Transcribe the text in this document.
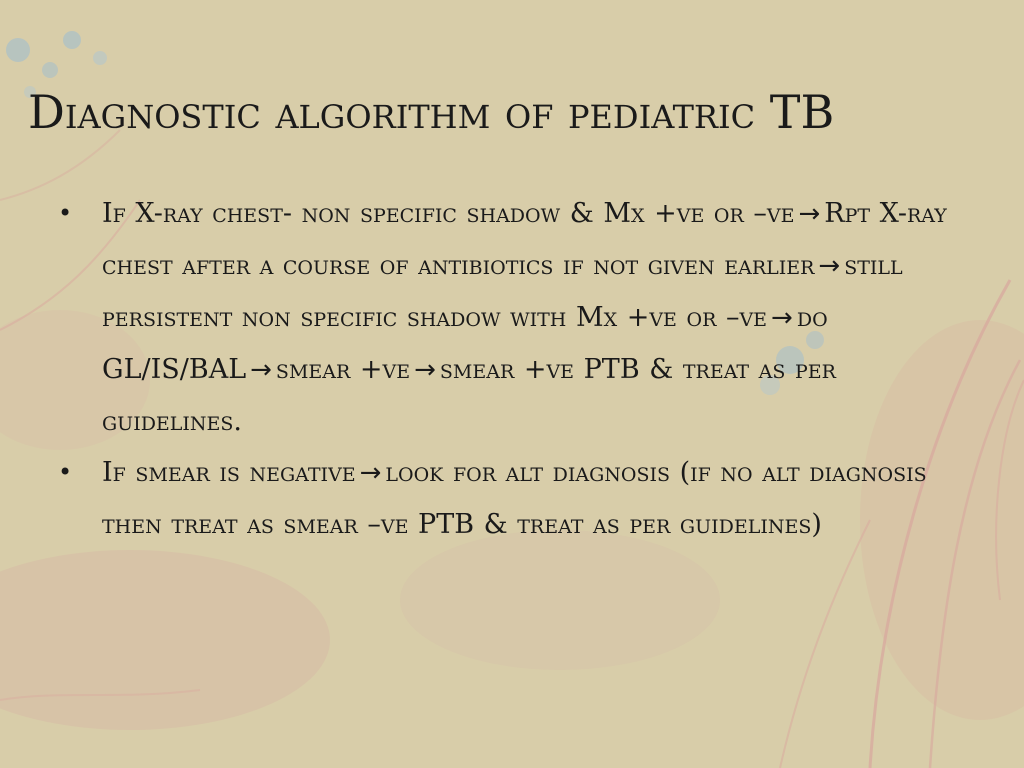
Diagnostic algorithm of pediatric TB
• If X-ray chest- non specific shadow & Mx +ve or –ve → Rpt X-ray chest after a course of antibiotics if not given earlier → still persistent non specific shadow with Mx +ve or –ve → do GL/IS/BAL → smear +ve → smear +ve PTB & treat as per guidelines.

• If smear is negative → look for alt diagnosis (if no alt diagnosis then treat as smear –ve PTB & treat as per guidelines)
